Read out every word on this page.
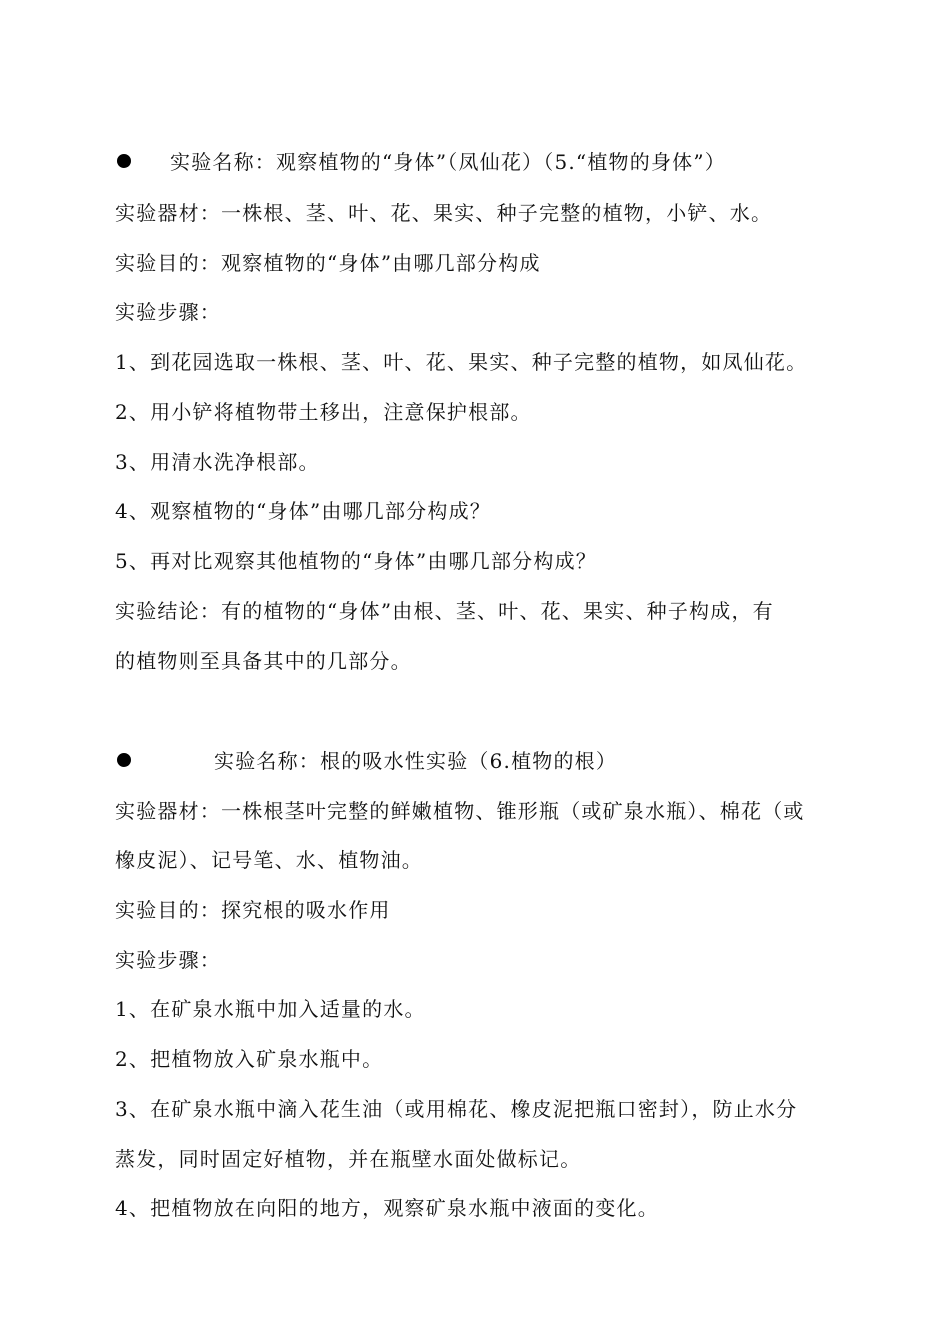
实验名称：观察植物的“身体”（凤仙花）（5.“植物的身体”）
实验器材：一株根、茎、叶、花、果实、种子完整的植物，小铲、水。
实验目的：观察植物的“身体”由哪几部分构成
实验步骤：
1、到花园选取一株根、茎、叶、花、果实、种子完整的植物，如凤仙花。
2、用小铲将植物带土移出，注意保护根部。
3、用清水洗净根部。
4、观察植物的“身体”由哪几部分构成？
5、再对比观察其他植物的“身体”由哪几部分构成？
实验结论：有的植物的“身体”由根、茎、叶、花、果实、种子构成，有
的植物则至具备其中的几部分。
实验名称：根的吸水性实验（6.植物的根）
实验器材：一株根茎叶完整的鲜嫩植物、锥形瓶（或矿泉水瓶）、棉花（或
橡皮泥）、记号笔、水、植物油。
实验目的：探究根的吸水作用
实验步骤：
1、在矿泉水瓶中加入适量的水。
2、把植物放入矿泉水瓶中。
3、在矿泉水瓶中滴入花生油（或用棉花、橡皮泥把瓶口密封），防止水分
蒸发，同时固定好植物，并在瓶壁水面处做标记。
4、把植物放在向阳的地方，观察矿泉水瓶中液面的变化。
